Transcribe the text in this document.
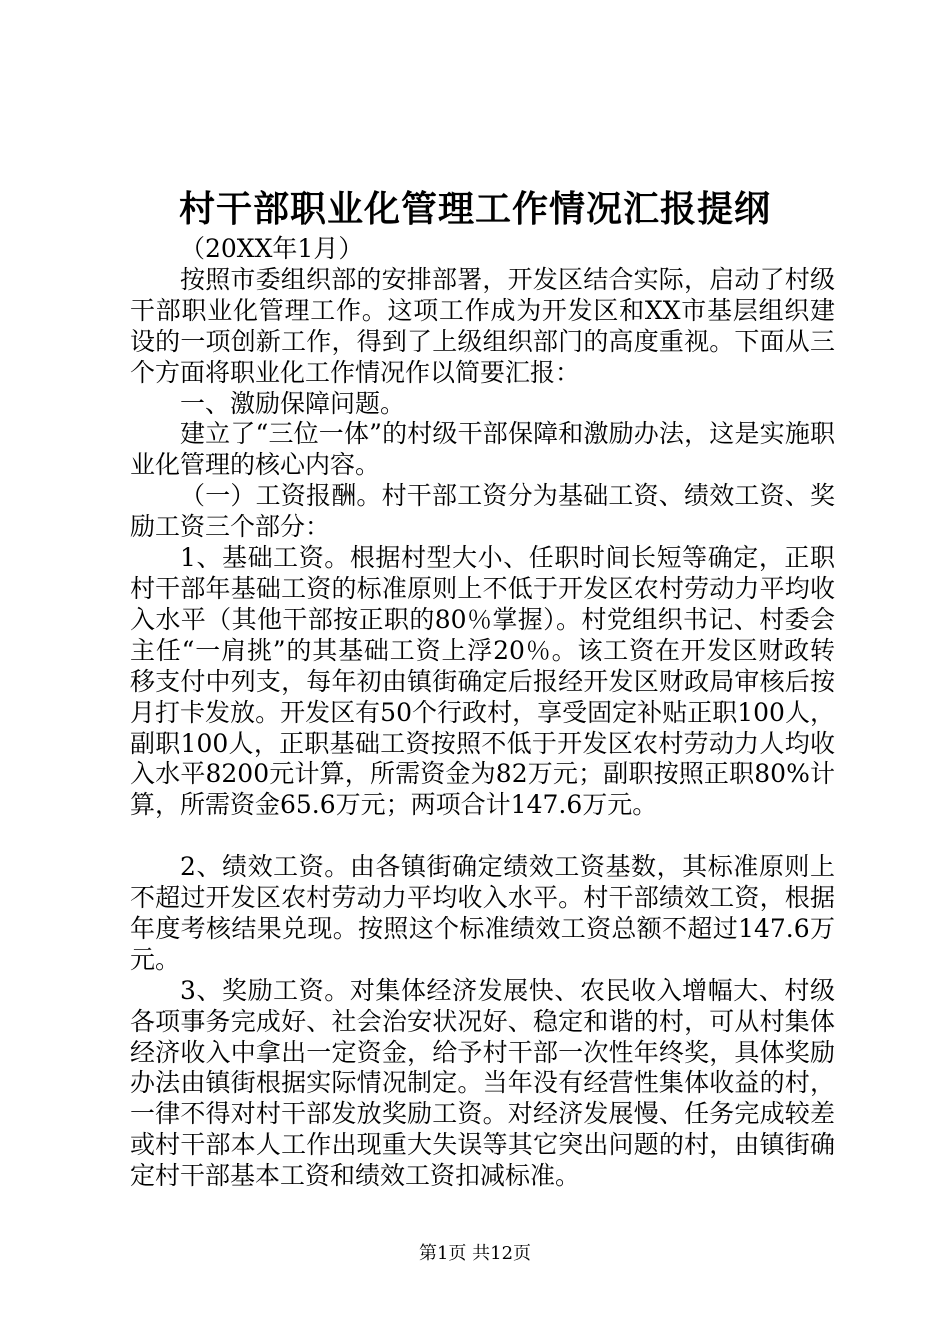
村干部职业化管理工作情况汇报提纲

（20XX年1月）

按照市委组织部的安排部署，开发区结合实际，启动了村级干部职业化管理工作。这项工作成为开发区和XX市基层组织建设的一项创新工作，得到了上级组织部门的高度重视。下面从三个方面将职业化工作情况作以简要汇报：

一、激励保障问题。

建立了“三位一体”的村级干部保障和激励办法，这是实施职业化管理的核心内容。

（一）工资报酬。村干部工资分为基础工资、绩效工资、奖励工资三个部分：

1、基础工资。根据村型大小、任职时间长短等确定，正职村干部年基础工资的标准原则上不低于开发区农村劳动力平均收入水平（其他干部按正职的80％掌握）。村党组织书记、村委会主任“一肩挑”的其基础工资上浮20％。该工资在开发区财政转移支付中列支，每年初由镇街确定后报经开发区财政局审核后按月打卡发放。开发区有50个行政村，享受固定补贴正职100人，副职100人，正职基础工资按照不低于开发区农村劳动力人均收入水平8200元计算，所需资金为82万元；副职按照正职80%计算，所需资金65.6万元；两项合计147.6万元。

2、绩效工资。由各镇街确定绩效工资基数，其标准原则上不超过开发区农村劳动力平均收入水平。村干部绩效工资，根据年度考核结果兑现。按照这个标准绩效工资总额不超过147.6万元。

3、奖励工资。对集体经济发展快、农民收入增幅大、村级各项事务完成好、社会治安状况好、稳定和谐的村，可从村集体经济收入中拿出一定资金，给予村干部一次性年终奖，具体奖励办法由镇街根据实际情况制定。当年没有经营性集体收益的村，一律不得对村干部发放奖励工资。对经济发展慢、任务完成较差或村干部本人工作出现重大失误等其它突出问题的村，由镇街确定村干部基本工资和绩效工资扣减标准。

第1页 共12页
